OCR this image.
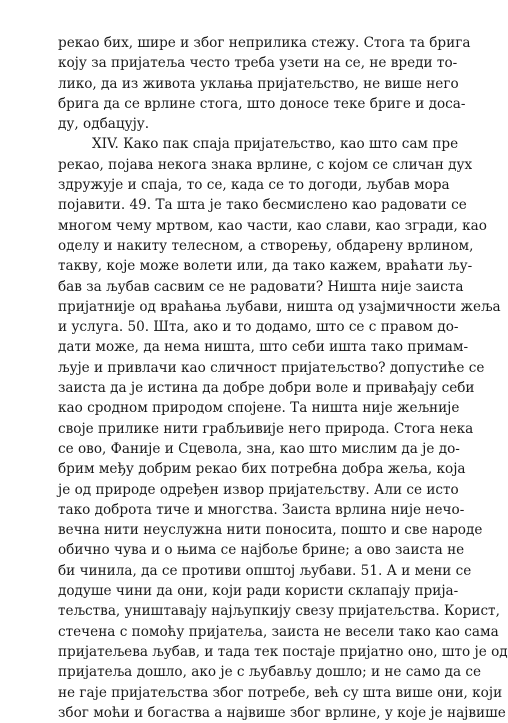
рекао бих, шире и због неприлика стежу. Стога та брига
коју за пријатеља често треба узети на се, не вреди то-
лико, да из живота уклања пријатељство, не више него
брига да се врлине стога, што доносе теке бриге и доса-
ду, одбацују.
XIV. Како пак спаја пријатељство, као што сам пре
рекао, појава некога знака врлине, с којом се сличан дух
здружује и спаја, то се, када се то догоди, љубав мора
појавити. 49. Та шта је тако бесмислено као радовати се
многом чему мртвом, као части, као слави, као згради, као
оделу и накиту телесном, а створењу, обдарену врлином,
такву, које може волети или, да тако кажем, враћати љу-
бав за љубав сасвим се не радовати? Ништа није заиста
пријатније од враћања љубави, ништа од узајмичности жеља
и услуга. 50. Шта, ако и то додамо, што се с правом до-
дати може, да нема ништа, што себи ишта тако примам-
љује и привлачи као сличност пријатељство? допустиће се
заиста да је истина да добре добри воле и привађају себи
као сродном природом спојене. Та ништа није жељније
своје прилике нити грабљивије него природа. Стога нека
се ово, Фаније и Сцевола, зна, као што мислим да је до-
брим међу добрим рекао бих потребна добра жеља, која
је од природе одређен извор пријатељству. Али се исто
тако доброта тиче и многства. Заиста врлина није нечо-
вечна нити неуслужна нити поносита, пошто и све народе
обично чува и о њима се најбоље брине; а ово заиста не
би чинила, да се противи општој љубави. 51. А и мени се
додуше чини да они, који ради користи склапају прија-
тељства, уништавају најљупкију свезу пријатељства. Корист,
стечена с помоћу пријатеља, заиста не весели тако као сама
пријатељева љубав, и тада тек постаје пријатно оно, што је од
пријатеља дошло, ако је с љубављу дошло; и не само да се
не гаје пријатељства због потребе, већ су шта више они, који
због моћи и богаства а највише због врлине, у које је највише
